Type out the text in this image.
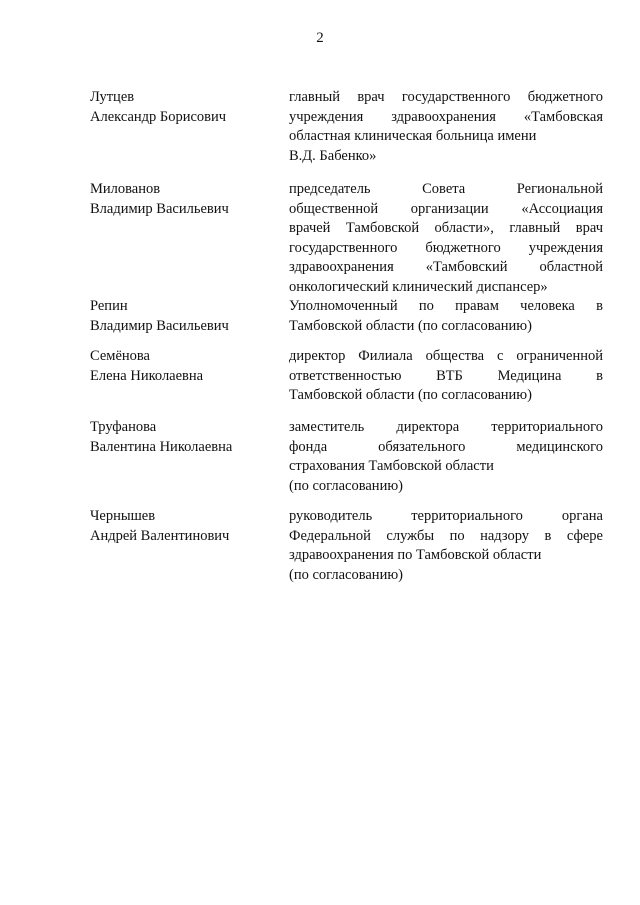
2
Лутцев
Александр Борисович
главный врач государственного бюджетного
учреждения здравоохранения «Тамбовская
областная клиническая больница имени
В.Д. Бабенко»
Милованов
Владимир Васильевич
председатель Совета Региональной
общественной организации «Ассоциация
врачей Тамбовской области», главный врач
государственного бюджетного учреждения
здравоохранения «Тамбовский областной
онкологический клинический диспансер»
Репин
Владимир Васильевич
Уполномоченный по правам человека в
Тамбовской области (по согласованию)
Семёнова
Елена Николаевна
директор Филиала общества с ограниченной
ответственностью ВТБ Медицина в
Тамбовской области (по согласованию)
Труфанова
Валентина Николаевна
заместитель директора территориального
фонда обязательного медицинского
страхования Тамбовской области
(по согласованию)
Чернышев
Андрей Валентинович
руководитель территориального органа
Федеральной службы по надзору в сфере
здравоохранения по Тамбовской области
(по согласованию)
